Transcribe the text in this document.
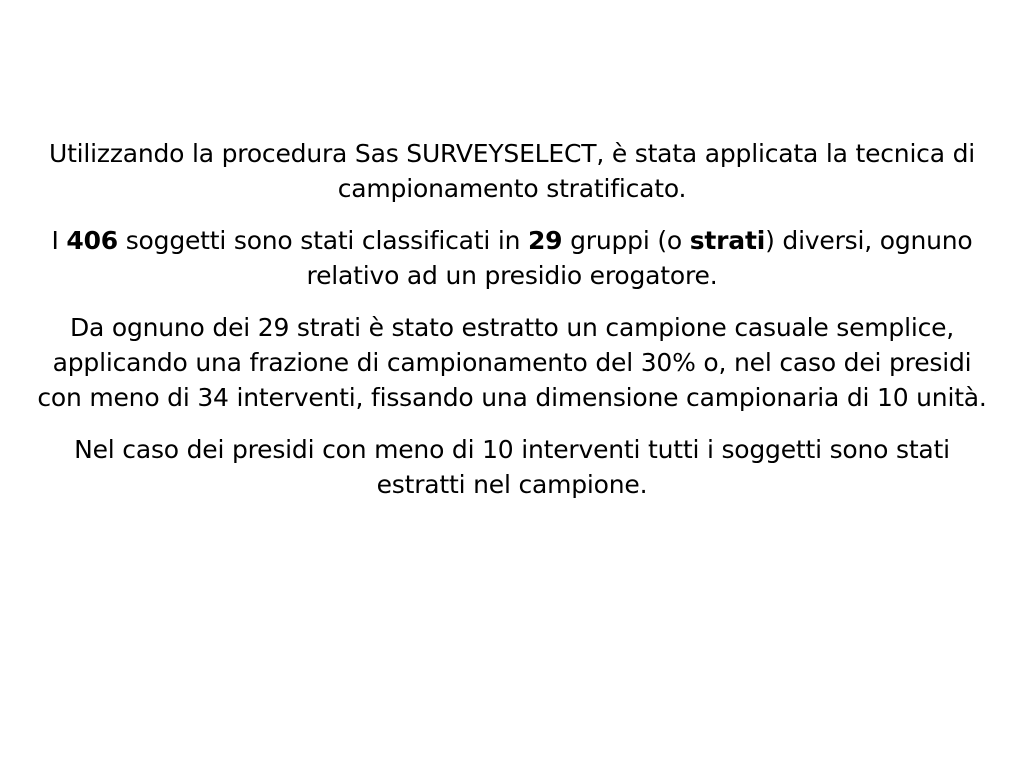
Utilizzando la procedura Sas SURVEYSELECT, è stata applicata la tecnica di campionamento stratificato.

I 406 soggetti sono stati classificati in 29 gruppi (o strati) diversi, ognuno relativo ad un presidio erogatore.

Da ognuno dei 29 strati è stato estratto un campione casuale semplice, applicando una frazione di campionamento del 30% o, nel caso dei presidi con meno di 34 interventi, fissando una dimensione campionaria di 10 unità.

Nel caso dei presidi con meno di 10 interventi tutti i soggetti sono stati estratti nel campione.
